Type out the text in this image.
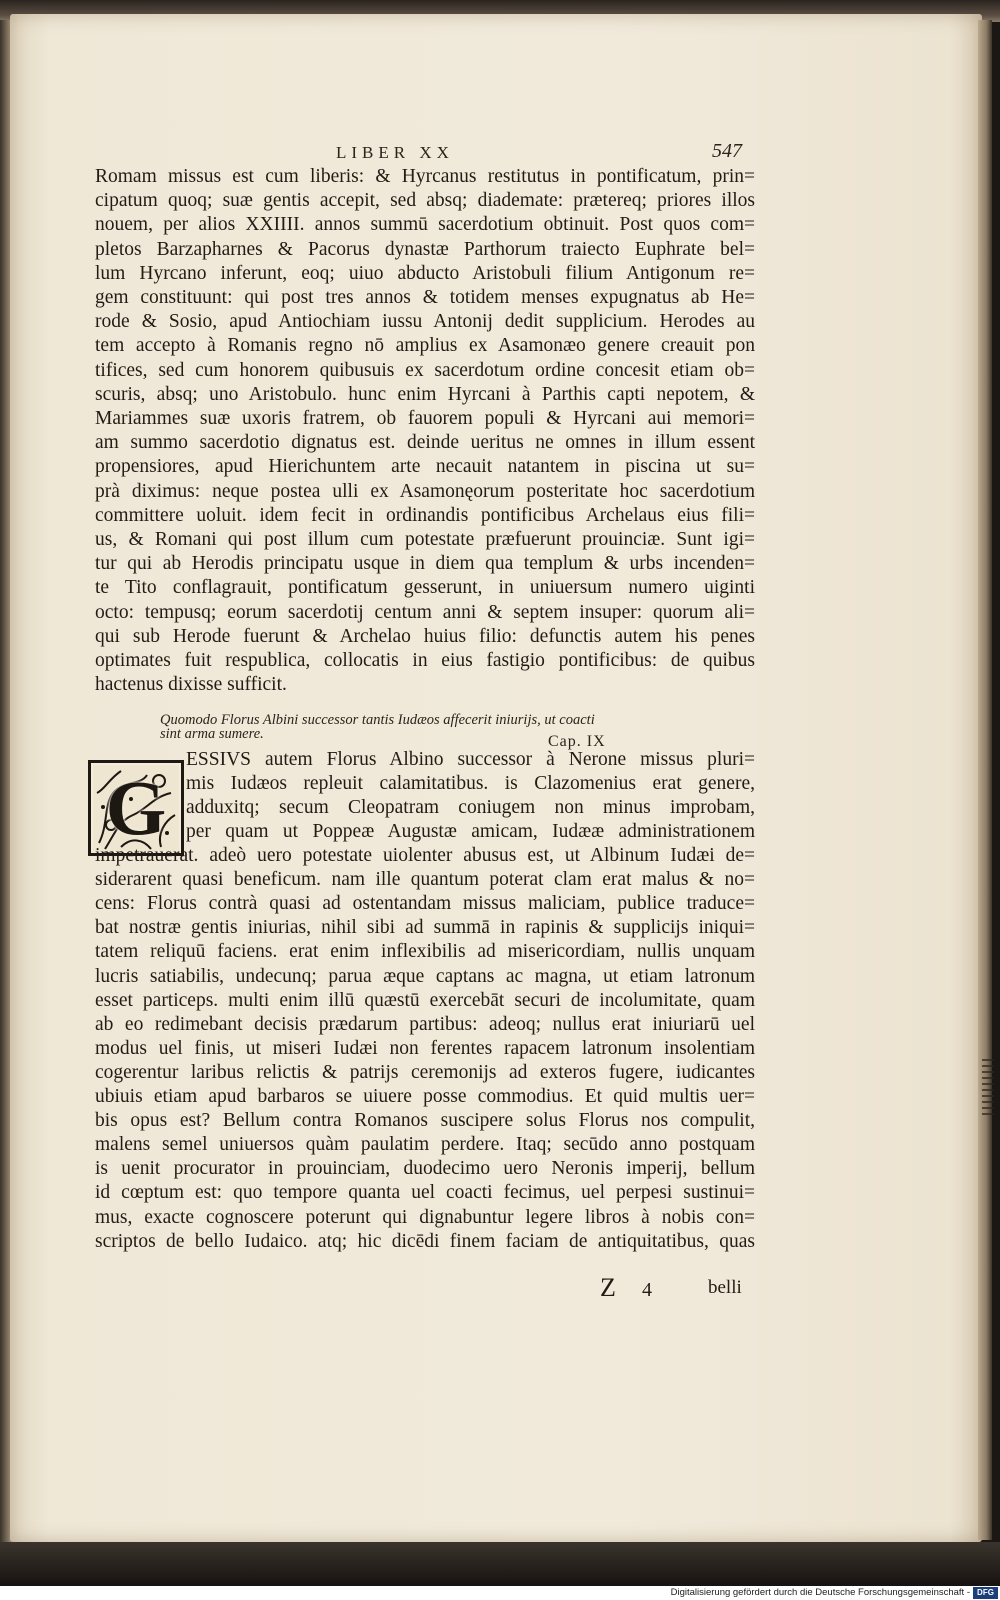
LIBER XX	547

Romam missus est cum liberis: & Hyrcanus restitutus in pontificatum, prin=

cipatum quoq; suæ gentis accepit, sed absq; diademate: prætereq; priores illos

nouem, per alios XXIIII. annos summū sacerdotium obtinuit. Post quos com=

pletos Barzapharnes & Pacorus dynastæ Parthorum traiecto Euphrate bel=

lum Hyrcano inferunt, eoq; uiuo abducto Aristobuli filium Antigonum re=

gem constituunt: qui post tres annos & totidem menses expugnatus ab He=

rode & Sosio, apud Antiochiam iussu Antonij dedit supplicium. Herodes au

tem accepto à Romanis regno nō amplius ex Asamonæo genere creauit pon

tifices, sed cum honorem quibusuis ex sacerdotum ordine concesit etiam ob=

scuris, absq; uno Aristobulo. hunc enim Hyrcani à Parthis capti nepotem, &

Mariammes suæ uxoris fratrem, ob fauorem populi & Hyrcani aui memori=

am summo sacerdotio dignatus est. deinde ueritus ne omnes in illum essent

propensiores, apud Hierichuntem arte necauit natantem in piscina ut su=

prà diximus: neque postea ulli ex Asamonęorum posteritate hoc sacerdotium

committere uoluit. idem fecit in ordinandis pontificibus Archelaus eius fili=

us, & Romani qui post illum cum potestate præfuerunt prouinciæ. Sunt igi=

tur qui ab Herodis principatu usque in diem qua templum & urbs incenden=

te Tito conflagrauit, pontificatum gesserunt, in uniuersum numero uiginti

octo: tempusq; eorum sacerdotij centum anni & septem insuper: quorum ali=

qui sub Herode fuerunt & Archelao huius filio: defunctis autem his penes

optimates fuit respublica, collocatis in eius fastigio pontificibus: de quibus

hactenus dixisse sufficit.

Quomodo Florus Albini successor tantis Iudæos affecerit iniurijs, ut coacti
sint arma sumere.	Cap. IX
G

ESSIVS autem Florus Albino successor à Nerone missus pluri=

mis Iudæos repleuit calamitatibus. is Clazomenius erat genere,

adduxitq; secum Cleopatram coniugem non minus improbam,

per quam ut Poppeæ Augustæ amicam, Iudææ administrationem

impetrauerat. adeò uero potestate uiolenter abusus est, ut Albinum Iudæi de=

siderarent quasi beneficum. nam ille quantum poterat clam erat malus & no=

cens: Florus contrà quasi ad ostentandam missus maliciam, publice traduce=

bat nostræ gentis iniurias, nihil sibi ad summā in rapinis & supplicijs iniqui=

tatem reliquū faciens. erat enim inflexibilis ad misericordiam, nullis unquam

lucris satiabilis, undecunq; parua æque captans ac magna, ut etiam latronum

esset particeps. multi enim illū quæstū exercebāt securi de incolumitate, quam

ab eo redimebant decisis prædarum partibus: adeoq; nullus erat iniuriarū uel

modus uel finis, ut miseri Iudæi non ferentes rapacem latronum insolentiam

cogerentur laribus relictis & patrijs ceremonijs ad exteros fugere, iudicantes

ubiuis etiam apud barbaros se uiuere posse commodius. Et quid multis uer=

bis opus est? Bellum contra Romanos suscipere solus Florus nos compulit,

malens semel uniuersos quàm paulatim perdere. Itaq; secūdo anno postquam

is uenit procurator in prouinciam, duodecimo uero Neronis imperij, bellum

id cœptum est: quo tempore quanta uel coacti fecimus, uel perpesi sustinui=

mus, exacte cognoscere poterunt qui dignabuntur legere libros à nobis con=

scriptos de bello Iudaico. atq; hic dicēdi finem faciam de antiquitatibus, quas

Z 4	belli
Digitalisierung gefördert durch die Deutsche Forschungsgemeinschaft - DFG
